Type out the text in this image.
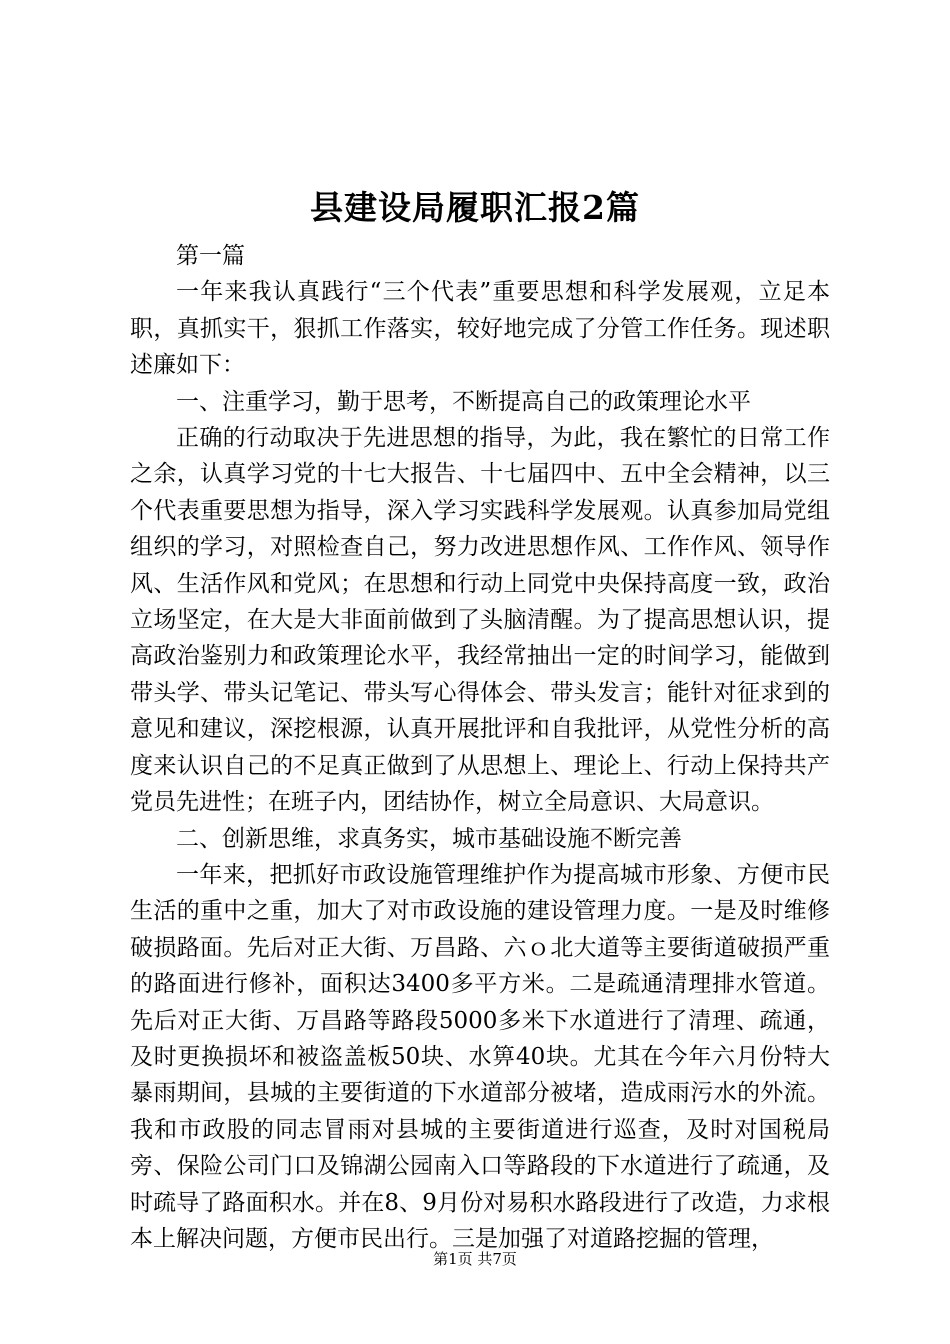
县建设局履职汇报2篇

第一篇

一年来我认真践行“三个代表”重要思想和科学发展观，立足本职，真抓实干，狠抓工作落实，较好地完成了分管工作任务。现述职述廉如下：

一、注重学习，勤于思考，不断提高自己的政策理论水平

正确的行动取决于先进思想的指导，为此，我在繁忙的日常工作之余，认真学习党的十七大报告、十七届四中、五中全会精神，以三个代表重要思想为指导，深入学习实践科学发展观。认真参加局党组组织的学习，对照检查自己，努力改进思想作风、工作作风、领导作风、生活作风和党风；在思想和行动上同党中央保持高度一致，政治立场坚定，在大是大非面前做到了头脑清醒。为了提高思想认识，提高政治鉴别力和政策理论水平，我经常抽出一定的时间学习，能做到带头学、带头记笔记、带头写心得体会、带头发言；能针对征求到的意见和建议，深挖根源，认真开展批评和自我批评，从党性分析的高度来认识自己的不足真正做到了从思想上、理论上、行动上保持共产党员先进性；在班子内，团结协作，树立全局意识、大局意识。

二、创新思维，求真务实，城市基础设施不断完善

一年来，把抓好市政设施管理维护作为提高城市形象、方便市民生活的重中之重，加大了对市政设施的建设管理力度。一是及时维修破损路面。先后对正大街、万昌路、六ｏ北大道等主要街道破损严重的路面进行修补，面积达3400多平方米。二是疏通清理排水管道。先后对正大街、万昌路等路段5000多米下水道进行了清理、疏通，及时更换损坏和被盗盖板50块、水箅40块。尤其在今年六月份特大暴雨期间，县城的主要街道的下水道部分被堵，造成雨污水的外流。我和市政股的同志冒雨对县城的主要街道进行巡查，及时对国税局旁、保险公司门口及锦湖公园南入口等路段的下水道进行了疏通，及时疏导了路面积水。并在8、9月份对易积水路段进行了改造，力求根本上解决问题，方便市民出行。三是加强了对道路挖掘的管理，

第1页 共7页
